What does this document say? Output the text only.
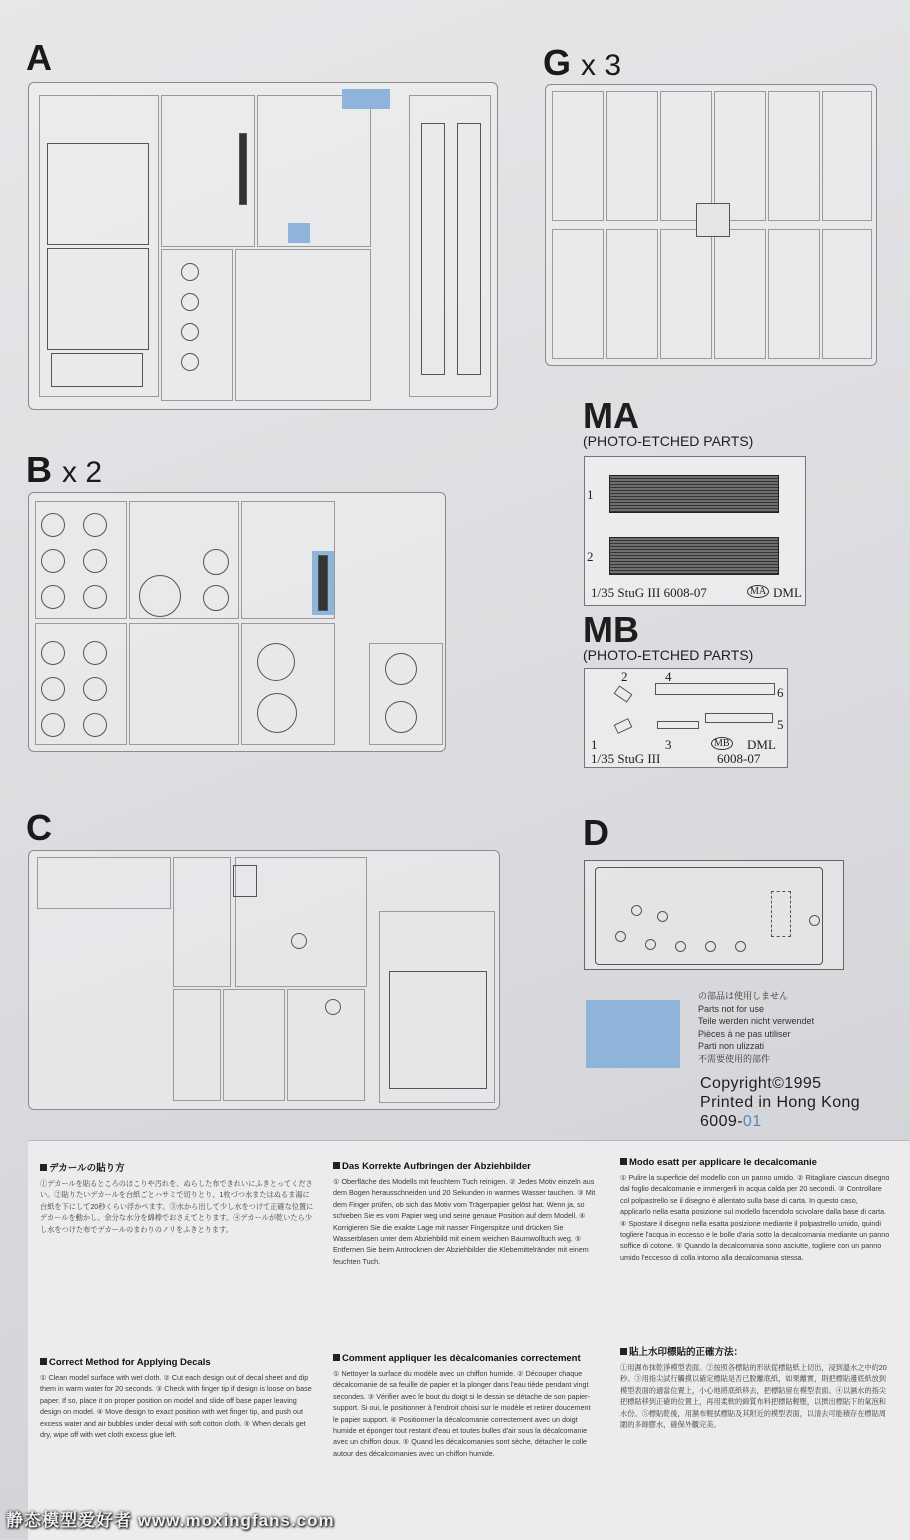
A	G x 3
B x 2
C
MA
(PHOTO-ETCHED PARTS)
1
2
1/35 StuG III 6008-07	MA DML
MB
(PHOTO-ETCHED PARTS)
2	4
6
5
1	3
1/35 StuG III
MB DML
6008-07
D
の部品は使用しません
Parts not for use
Teile werden nicht verwendet
Pièces à ne pas utiliser
Parti non ulizzati
不需要使用的部件
Copyright©1995
Printed in Hong Kong
6009-01
デカールの貼り方

①デカールを貼るところのほこりや汚れを、ぬらした布できれいにふきとってください。②貼りたいデカールを台紙ごとハサミで切りとり、1枚づつ水またはぬるま湯に台紙を下にして20秒くらい浮かべます。③水から出して少し水をつけて正確な位置にデカールを動かし、余分な水分を綿棒でおさえてとります。④デカールが乾いたら少し水をつけた布でデカールのまわりのノリをふきとります。

Das Korrekte Aufbringen der Abziehbilder

① Oberfläche des Modells mit feuchtem Tuch reinigen. ② Jedes Motiv einzeln aus dem Bogen herausschneiden und 20 Sekunden in warmes Wasser tauchen. ③ Mit dem Finger prüfen, ob sich das Motiv vom Trägerpapier gelöst hat. Wenn ja, so schieben Sie es vom Papier weg und seine genaue Position auf dem Modell. ④ Korrigieren Sie die exakte Lage mit nasser Fingerspitze und drücken Sie Wasserblasen unter dem Abziehbild mit einem weichen Baumwolltuch weg. ⑤ Entfernen Sie beim Antrocknen der Abziehbilder die Klebemittelränder mit einem feuchten Tuch.

Modo esatt per applicare le decalcomanie

① Pulire la superficie del modello con un panno umido. ② Ritagliare ciascun disegno dal foglio decalcomanie e immergerli in acqua calda per 20 secondi. ③ Controllare col polpastrello se il disegno è allentato sulla base di carta. In questo caso, applicarlo nella esatta posizione sul modello facendolo scivolare dalla base di carta. ④ Spostare il disegno nella esatta posizione mediante il polpastrello umido, quindi togliere l'acqua in eccesso e le bolle d'aria sotto la decalcomania mediante un panno soffice di cotone. ⑤ Quando la decalcomania sono asciutte, togliere con un panno umido l'eccesso di colla intorno alla decalcomania stessa.

Correct Method for Applying Decals

① Clean model surface with wet cloth. ② Cut each design out of decal sheet and dip them in warm water for 20 seconds. ③ Check with finger tip if design is loose on base paper. If so, place it on proper position on model and slide off base paper leaving design on model. ④ Move design to exact position with wet finger tip, and push out excess water and air bubbles under decal with soft cotton cloth. ⑤ When decals get dry, wipe off with wet cloth excess glue left.

Comment appliquer les dècalcomanies correctement

① Nettoyer la surface du modèle avec un chiffon humide. ② Découper chaque décalcomanie de sa feuille de papier et la plonger dans l'eau tiède pendant vingt secondes. ③ Vérifier avec le bout du doigt si le dessin se détache de son papier-support. Si oui, le positionner à l'endroit choisi sur le modèle et retirer doucement le papier support. ④ Positionner la décalcomanie correctement avec un doigt humide et éponger tout restant d'eau et toutes bulles d'air sous la décalcomanie avec un chiffon doux. ⑤ Quand les décalcomanies sont sèche, détacher le colle autour des décalcomanies avec un chiffon humide.

貼上水印標貼的正確方法：

①用濕布抹乾淨模型表面。②按照各標貼的形狀從標貼紙上切出，浸到溫水之中約20秒。③用指尖試行觸摸以確定標貼是否已脫離底紙，如果離實，則把標貼邊底紙放到模型表面的適當位置上，小心地將底紙移去，把標貼留在模型表面。④以濕水的指尖把標貼移到正確的位置上，再用柔軟的綿質布料把標貼輕壓，以擠出標貼下的氣泡和水份。⑤標貼乾後，用濕布輕拭標貼及其附近的模型表面，以清去可能積存在標貼周圍的多餘膠水，確保外觀完美。

静态模型爱好者 www.moxingfans.com
